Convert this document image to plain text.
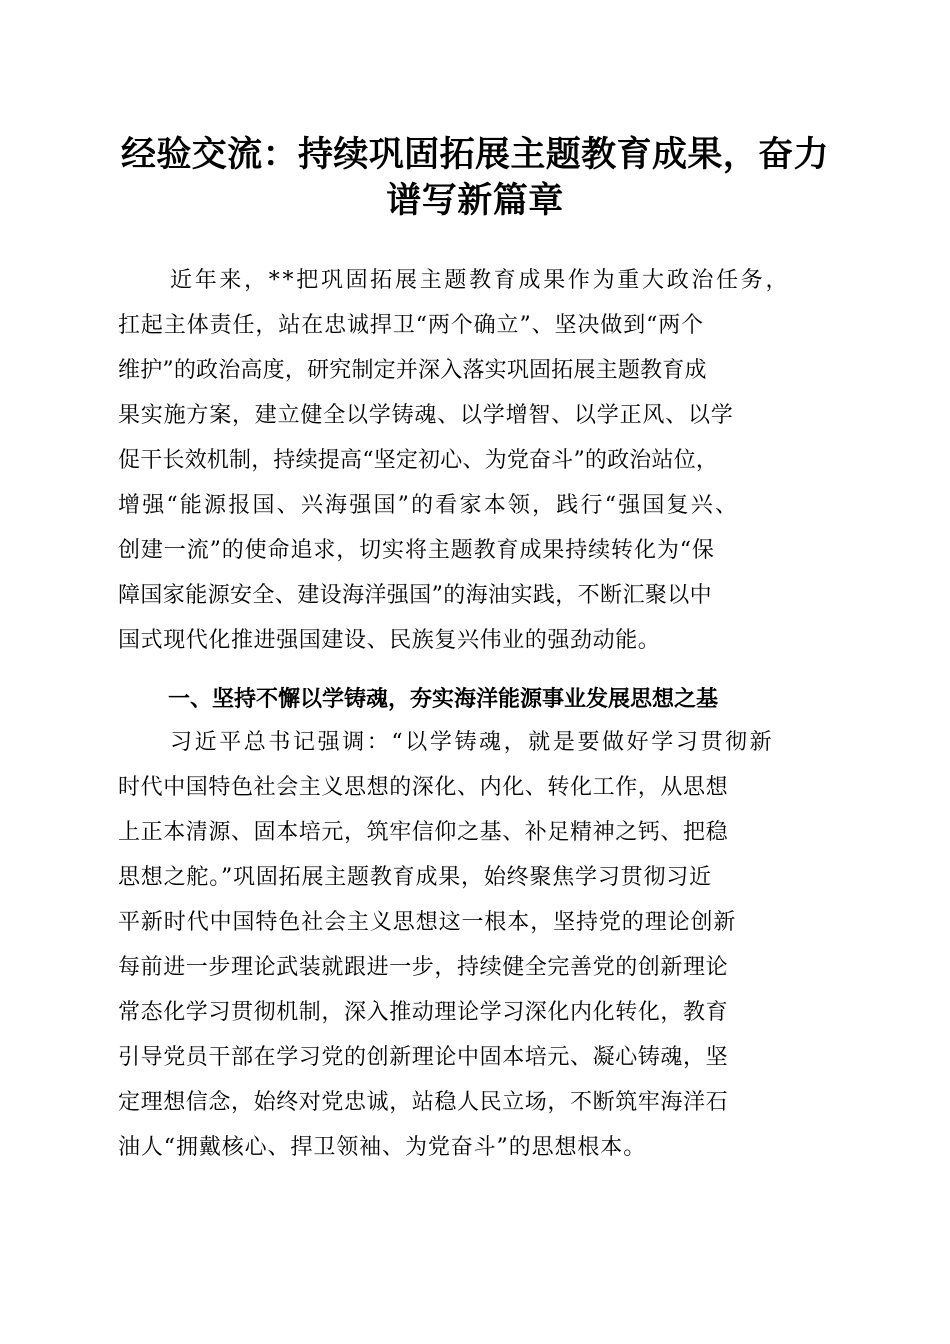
经验交流：持续巩固拓展主题教育成果，奋力
谱写新篇章
近年来，**把巩固拓展主题教育成果作为重大政治任务，
扛起主体责任，站在忠诚捍卫“两个确立”、坚决做到“两个
维护”的政治高度，研究制定并深入落实巩固拓展主题教育成
果实施方案，建立健全以学铸魂、以学增智、以学正风、以学
促干长效机制，持续提高“坚定初心、为党奋斗”的政治站位，
增强“能源报国、兴海强国”的看家本领，践行“强国复兴、
创建一流”的使命追求，切实将主题教育成果持续转化为“保
障国家能源安全、建设海洋强国”的海油实践，不断汇聚以中
国式现代化推进强国建设、民族复兴伟业的强劲动能。
一、坚持不懈以学铸魂，夯实海洋能源事业发展思想之基
习近平总书记强调：“以学铸魂，就是要做好学习贯彻新
时代中国特色社会主义思想的深化、内化、转化工作，从思想
上正本清源、固本培元，筑牢信仰之基、补足精神之钙、把稳
思想之舵。”巩固拓展主题教育成果，始终聚焦学习贯彻习近
平新时代中国特色社会主义思想这一根本，坚持党的理论创新
每前进一步理论武装就跟进一步，持续健全完善党的创新理论
常态化学习贯彻机制，深入推动理论学习深化内化转化，教育
引导党员干部在学习党的创新理论中固本培元、凝心铸魂，坚
定理想信念，始终对党忠诚，站稳人民立场，不断筑牢海洋石
油人“拥戴核心、捍卫领袖、为党奋斗”的思想根本。
